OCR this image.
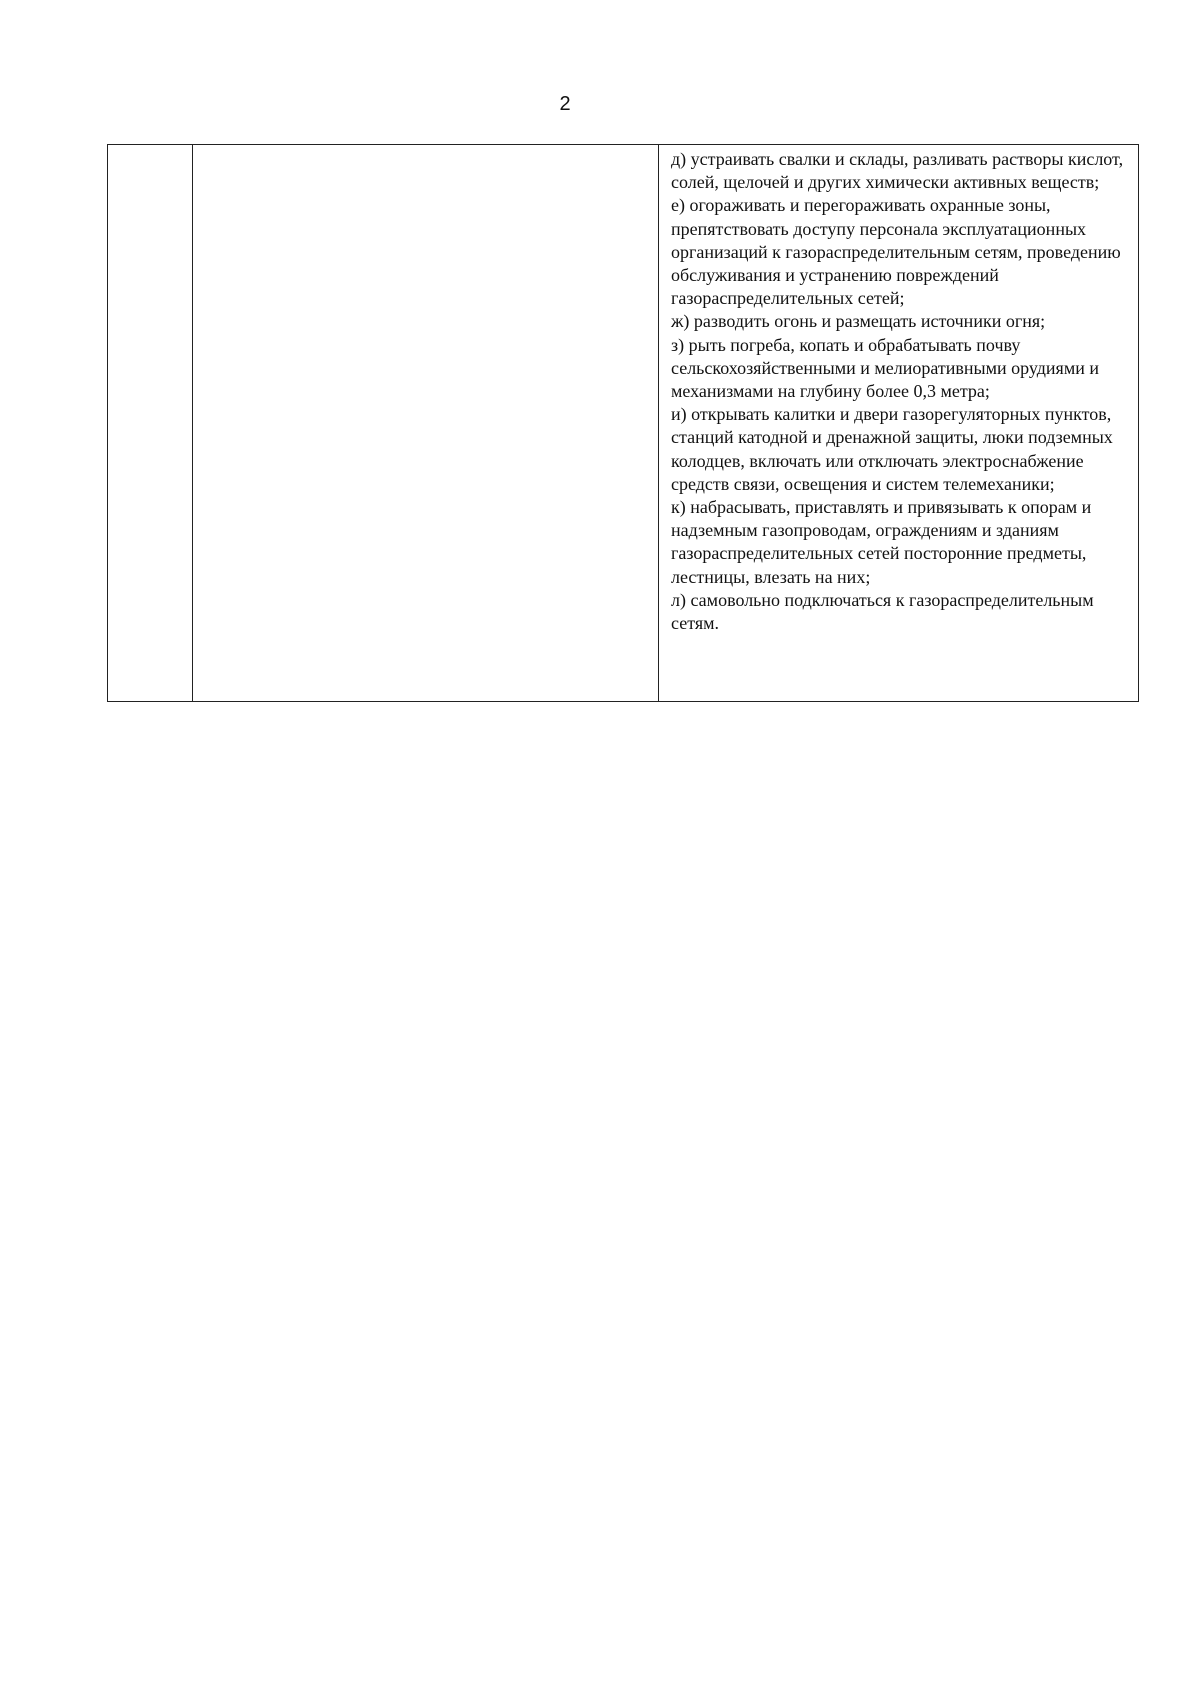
2

д) устраивать свалки и склады, разливать растворы кислот, солей, щелочей и других химически активных веществ;
е) огораживать и перегораживать охранные зоны, препятствовать доступу персонала эксплуатационных организаций к газораспределительным сетям, проведению обслуживания и устранению повреждений газораспределительных сетей;
ж) разводить огонь и размещать источники огня;
з) рыть погреба, копать и обрабатывать почву сельскохозяйственными и мелиоративными орудиями и механизмами на глубину более 0,3 метра;
и) открывать калитки и двери газорегуляторных пунктов, станций катодной и дренажной защиты, люки подземных колодцев, включать или отключать электроснабжение средств связи, освещения и систем телемеханики;
к) набрасывать, приставлять и привязывать к опорам и надземным газопроводам, ограждениям и зданиям газораспределительных сетей посторонние предметы, лестницы, влезать на них;
л) самовольно подключаться к газораспределительным сетям.
